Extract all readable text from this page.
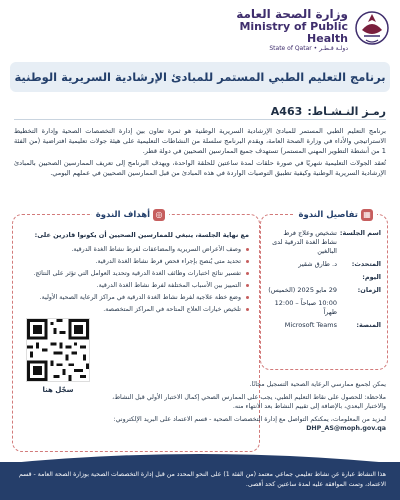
وزارة الصحة العامة
Ministry of Public Health
State of Qatar • دولـة قـطـر
برنامج التعليم الطبي المستمر للمبادئ الإرشادية السريرية الوطنية
رمـز النـشـاط: A463

برنامج التعليم الطبي المستمر للمبادئ الإرشادية السريرية الوطنية هو ثمرة تعاون بين إدارة التخصصات الصحية وإدارة التخطيط الاستراتيجي والأداء في وزارة الصحة العامة، ويقدم البرنامج سلسلة من النشاطات التعليمية على هيئة جولات تعليمية افتراضية (من الفئة 1 من أنشطة التطوير المهني المستمر) تستهدف جميع الممارسين الصحيين في دولة قطر.

تُعقد الجولات التعليمية شهريًا في صورة حلقات لمدة ساعتين للحلقة الواحدة، ويهدف البرنامج إلى تعريف الممارسين الصحيين بالمبادئ الإرشادية السريرية الوطنية وكيفية تطبيق التوصيات الواردة في هذه المبادئ من قبل الممارسين الصحيين في عملهم اليومي.

▦
تفاصيل الندوة
اسم الجلسة:
تشخيص وعلاج فرط نشاط الغدة الدرقية لدى البالغين
المتحدث:
د. طارق شقير
اليوم:
الزمان:
29 مايو 2025 (الخميس)
10:00 صباحاً – 12:00 ظهراً
المنصة:
Microsoft Teams
◎
أهداف الندوة
مع نهاية الجلسة، ينبغي للممارسين الصحيين أن يكونوا قادرين على:
وصف الأعراض السريرية والمضاعفات لفرط نشاط الغدة الدرقية.
تحديد متى يُنصح بإجراء فحص فرط نشاط الغدة الدرقية.
تفسير نتائج اختبارات وظائف الغدة الدرقية وتحديد العوامل التي تؤثر على النتائج.
التمييز بين الأسباب المختلفة لفرط نشاط الغدة الدرقية.
وضع خطة علاجية لفرط نشاط الغدة الدرقية في مراكز الرعاية الصحية الأولية.
تلخيص خيارات العلاج المتاحة في المراكز المتخصصة.
سجّل هنا

يمكن لجميع ممارسي الرعاية الصحية التسجيل مجانًا.

ملاحظة: للحصول على نقاط التعليم الطبي، يجب على الممارس الصحي إكمال الاختبار الأولي قبل النشاط، والاختبار البعدي، بالإضافة إلى تقييم النشاط بعد الانتهاء منه.

لمزيد من المعلومات، يمكنكم التواصل مع إدارة التخصصات الصحية - قسم الاعتماد على البريد الإلكتروني: DHP_AS@moph.gov.qa

هذا النشاط عبارة عن نشاط تعليمي جماعي معتمد (من الفئة 1) على النحو المحدد من قبل إدارة التخصصات الصحية بوزارة الصحة العامة - قسم الاعتماد، وتمت الموافقة عليه لمدة ساعتين كحد أقصى.
